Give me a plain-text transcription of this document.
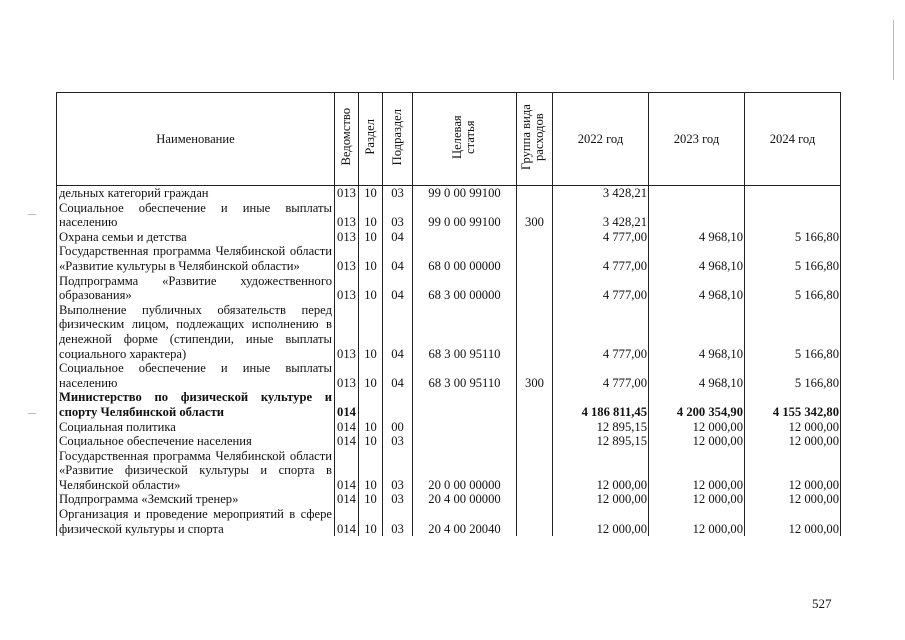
Наименование	Ведомство	Раздел	Подраздел	Целевая статья	Группа вида расходов	2022 год	2023 год	2024 год
дельных категорий граждан	013	10	03	99 0 00 99100		3 428,21		
Социальное обеспечение и иные выплаты населению	013	10	03	99 0 00 99100	300	3 428,21		
Охрана семьи и детства	013	10	04			4 777,00	4 968,10	5 166,80
Государственная программа Челябинской области «Развитие культуры в Челябинской области»	013	10	04	68 0 00 00000		4 777,00	4 968,10	5 166,80
Подпрограмма «Развитие художественного образования»	013	10	04	68 3 00 00000		4 777,00	4 968,10	5 166,80
Выполнение публичных обязательств перед физическим лицом, подлежащих исполнению в денежной форме (стипендии, иные выплаты социального характера)	013	10	04	68 3 00 95110		4 777,00	4 968,10	5 166,80
Социальное обеспечение и иные выплаты населению	013	10	04	68 3 00 95110	300	4 777,00	4 968,10	5 166,80
Министерство по физической культуре и спорту Челябинской области	014					4 186 811,45	4 200 354,90	4 155 342,80
Социальная политика	014	10	00			12 895,15	12 000,00	12 000,00
Социальное обеспечение населения	014	10	03			12 895,15	12 000,00	12 000,00
Государственная программа Челябинской области «Развитие физической культуры и спорта в Челябинской области»	014	10	03	20 0 00 00000		12 000,00	12 000,00	12 000,00
Подпрограмма «Земский тренер»	014	10	03	20 4 00 00000		12 000,00	12 000,00	12 000,00
Организация и проведение мероприятий в сфере физической культуры и спорта	014	10	03	20 4 00 20040		12 000,00	12 000,00	12 000,00
527
